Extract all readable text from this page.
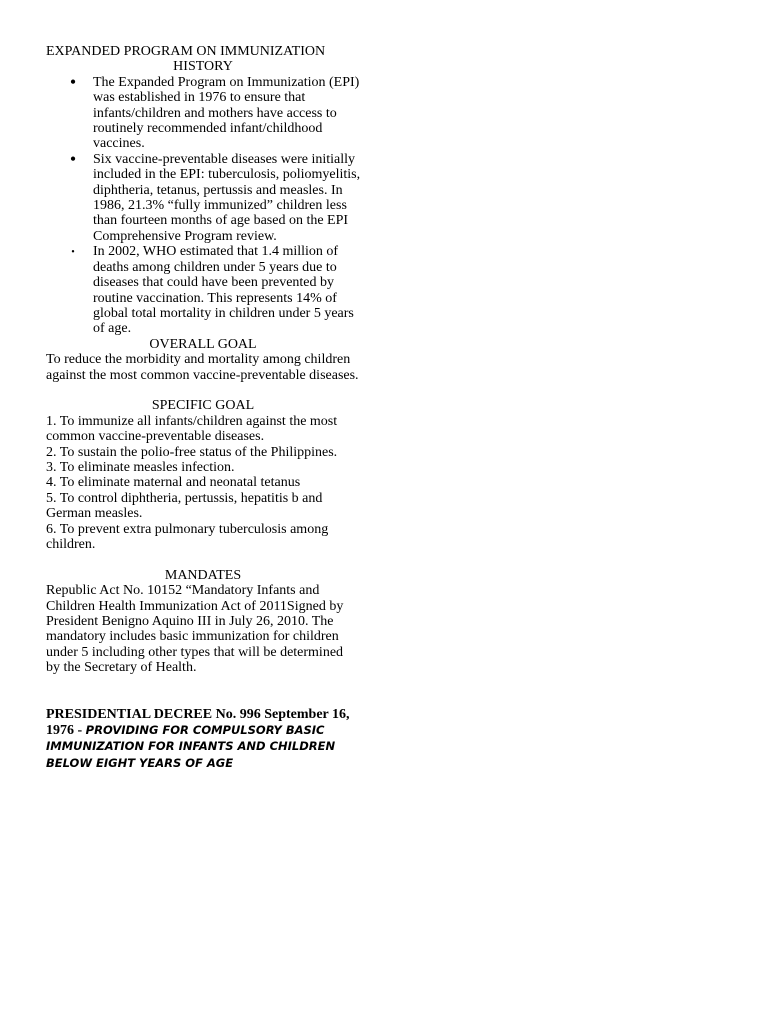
EXPANDED PROGRAM ON IMMUNIZATION
HISTORY
•
The Expanded Program on Immunization (EPI) was established in 1976 to ensure that infants/children and mothers have access to routinely recommended infant/childhood vaccines.
•
Six vaccine-preventable diseases were initially included in the EPI: tuberculosis, poliomyelitis, diphtheria, tetanus, pertussis and measles. In 1986, 21.3% “fully immunized” children less than fourteen months of age based on the EPI Comprehensive Program review.
•
In 2002, WHO estimated that 1.4 million of deaths among children under 5 years due to diseases that could have been prevented by routine vaccination. This represents 14% of global total mortality in children under 5 years of age.
OVERALL GOAL
To reduce the morbidity and mortality among children against the most common vaccine-preventable diseases.
SPECIFIC GOAL
1. To immunize all infants/children against the most common vaccine-preventable diseases.
2. To sustain the polio-free status of the Philippines.
3. To eliminate measles infection.
4. To eliminate maternal and neonatal tetanus
5. To control diphtheria, pertussis, hepatitis b and German measles.
6. To prevent extra pulmonary tuberculosis among children.
MANDATES
Republic Act No. 10152 “Mandatory Infants and Children Health Immunization Act of 2011Signed by President Benigno Aquino III in July 26, 2010. The mandatory includes basic immunization for children under 5 including other types that will be determined by the Secretary of Health.
PRESIDENTIAL DECREE No. 996 September 16, 1976 - PROVIDING FOR COMPULSORY BASIC IMMUNIZATION FOR INFANTS AND CHILDREN BELOW EIGHT YEARS OF AGE
